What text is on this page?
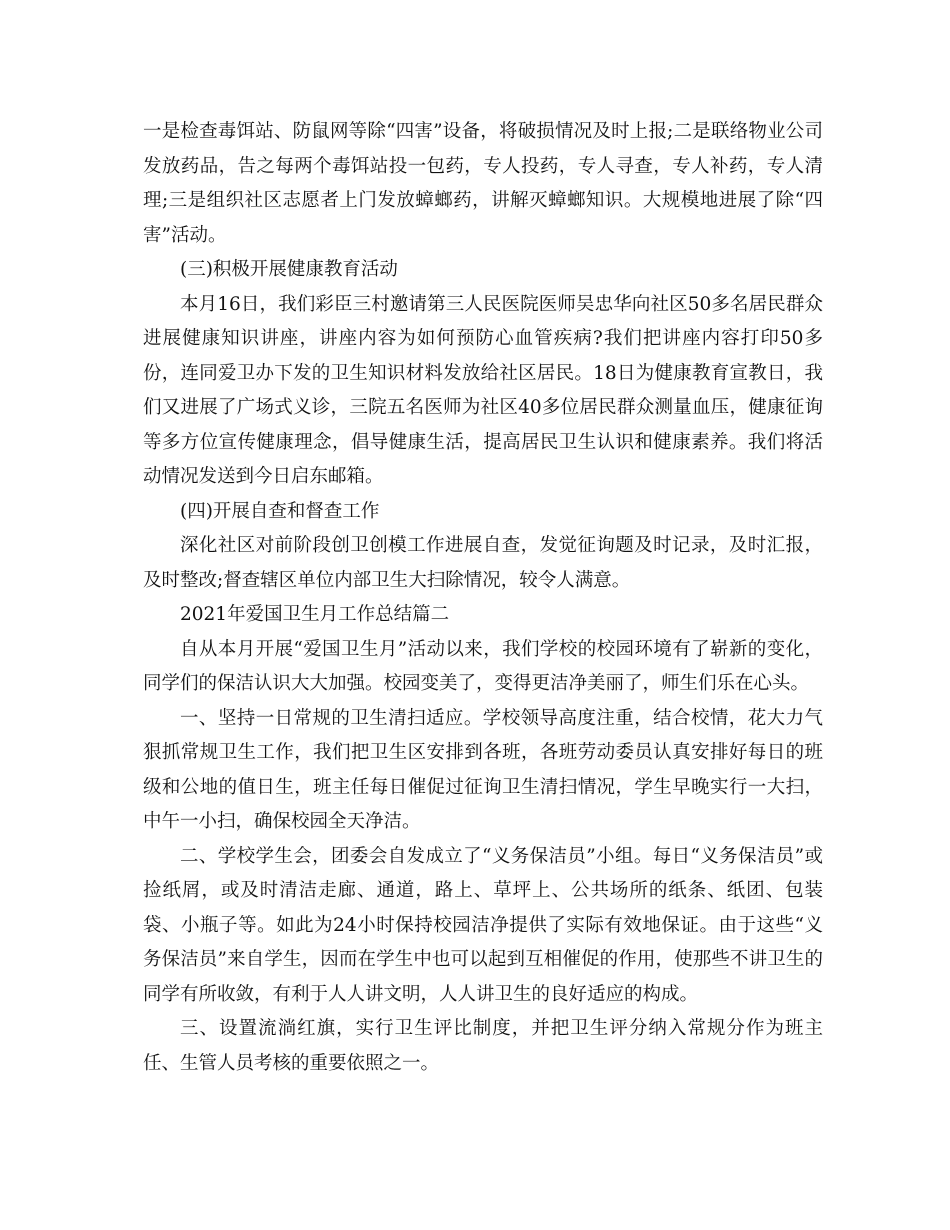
一是检查毒饵站、防鼠网等除“四害”设备，将破损情况及时上报;二是联络物业公司发放药品，告之每两个毒饵站投一包药，专人投药，专人寻查，专人补药，专人清理;三是组织社区志愿者上门发放蟑螂药，讲解灭蟑螂知识。大规模地进展了除“四害”活动。

(三)积极开展健康教育活动

本月16日，我们彩臣三村邀请第三人民医院医师吴忠华向社区50多名居民群众进展健康知识讲座，讲座内容为如何预防心血管疾病?我们把讲座内容打印50多份，连同爱卫办下发的卫生知识材料发放给社区居民。18日为健康教育宣教日，我们又进展了广场式义诊，三院五名医师为社区40多位居民群众测量血压，健康征询等多方位宣传健康理念，倡导健康生活，提高居民卫生认识和健康素养。我们将活动情况发送到今日启东邮箱。

(四)开展自查和督查工作

深化社区对前阶段创卫创模工作进展自查，发觉征询题及时记录，及时汇报，及时整改;督查辖区单位内部卫生大扫除情况，较令人满意。

2021年爱国卫生月工作总结篇二

自从本月开展“爱国卫生月”活动以来，我们学校的校园环境有了崭新的变化，同学们的保洁认识大大加强。校园变美了，变得更洁净美丽了，师生们乐在心头。

一、坚持一日常规的卫生清扫适应。学校领导高度注重，结合校情，花大力气狠抓常规卫生工作，我们把卫生区安排到各班，各班劳动委员认真安排好每日的班级和公地的值日生，班主任每日催促过征询卫生清扫情况，学生早晚实行一大扫，中午一小扫，确保校园全天净洁。

二、学校学生会，团委会自发成立了“义务保洁员”小组。每日“义务保洁员”或捡纸屑，或及时清洁走廊、通道，路上、草坪上、公共场所的纸条、纸团、包装袋、小瓶子等。如此为24小时保持校园洁净提供了实际有效地保证。由于这些“义务保洁员”来自学生，因而在学生中也可以起到互相催促的作用，使那些不讲卫生的同学有所收敛，有利于人人讲文明，人人讲卫生的良好适应的构成。

三、设置流淌红旗，实行卫生评比制度，并把卫生评分纳入常规分作为班主任、生管人员考核的重要依照之一。
